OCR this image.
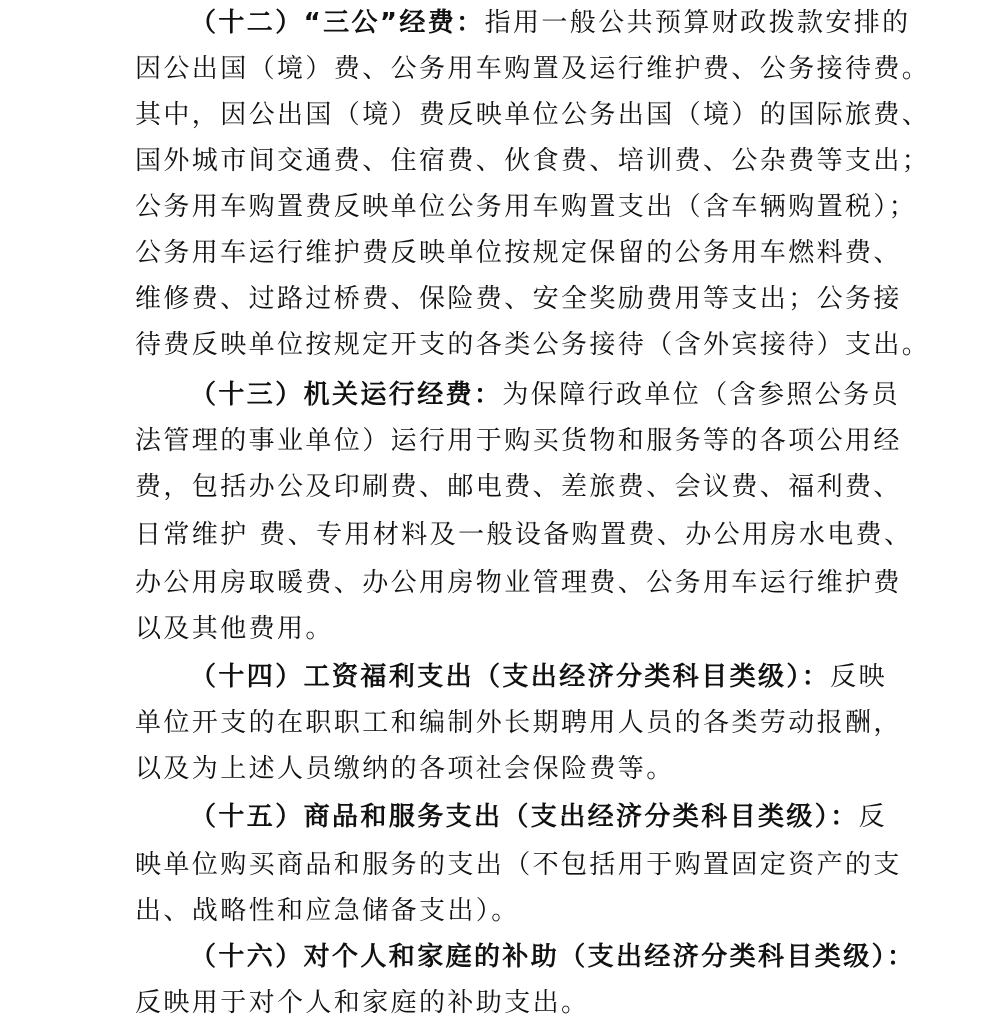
（十二）“三公”经费：指用一般公共预算财政拨款安排的
因公出国（境）费、公务用车购置及运行维护费、公务接待费。
其中，因公出国（境）费反映单位公务出国（境）的国际旅费、
国外城市间交通费、住宿费、伙食费、培训费、公杂费等支出；
公务用车购置费反映单位公务用车购置支出（含车辆购置税）；
公务用车运行维护费反映单位按规定保留的公务用车燃料费、
维修费、过路过桥费、保险费、安全奖励费用等支出；公务接
待费反映单位按规定开支的各类公务接待（含外宾接待）支出。
（十三）机关运行经费：为保障行政单位（含参照公务员
法管理的事业单位）运行用于购买货物和服务等的各项公用经
费，包括办公及印刷费、邮电费、差旅费、会议费、福利费、
日常维护 费、专用材料及一般设备购置费、办公用房水电费、
办公用房取暖费、办公用房物业管理费、公务用车运行维护费
以及其他费用。
（十四）工资福利支出（支出经济分类科目类级）：反映
单位开支的在职职工和编制外长期聘用人员的各类劳动报酬，
以及为上述人员缴纳的各项社会保险费等。
（十五）商品和服务支出（支出经济分类科目类级）：反
映单位购买商品和服务的支出（不包括用于购置固定资产的支
出、战略性和应急储备支出）。
（十六）对个人和家庭的补助（支出经济分类科目类级）：
反映用于对个人和家庭的补助支出。
